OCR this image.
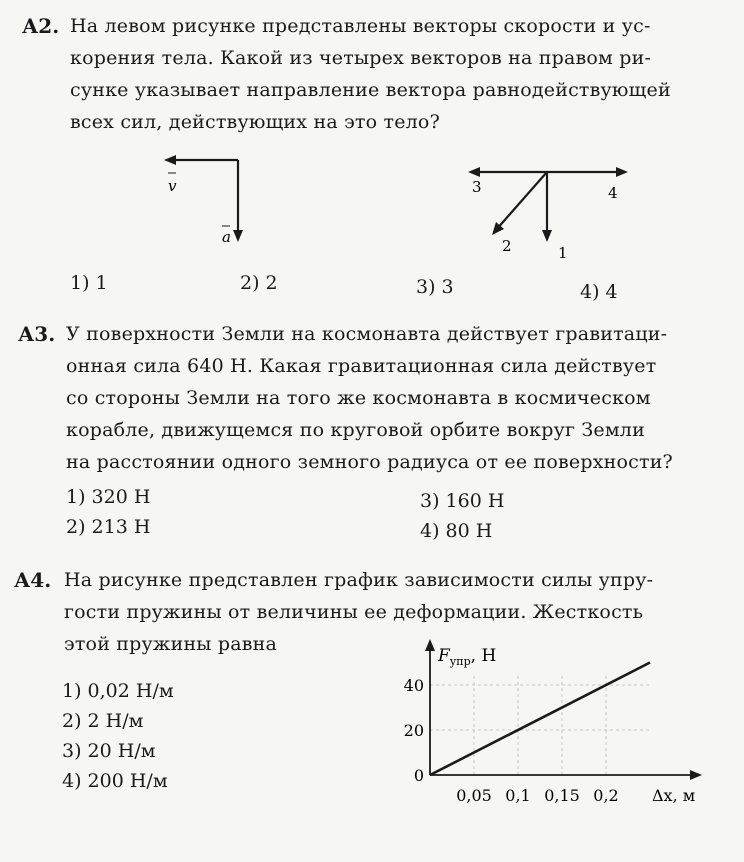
А2. На левом рисунке представлены векторы скорости и ус-
корения тела. Какой из четырех векторов на правом ри-
сунке указывает направление вектора равнодействующей
всех сил, действующих на это тело?
v
a
1
2
3	4
1) 1	2) 2	3) 3	4) 4
А3. У поверхности Земли на космонавта действует гравитаци-
онная сила 640 Н. Какая гравитационная сила действует
со стороны Земли на того же космонавта в космическом
корабле, движущемся по круговой орбите вокруг Земли
на расстоянии одного земного радиуса от ее поверхности?
1) 320 Н
2) 213 Н
3) 160 Н
4) 80 Н
А4. На рисунке представлен график зависимости силы упру-
гости пружины от величины ее деформации. Жесткость
этой пружины равна
1) 0,02 Н/м
2) 2 Н/м
3) 20 Н/м
4) 200 Н/м
0,05 0,1 0,15 0,2
0
20
40
$F_{упр}$, Н
Δx, м
